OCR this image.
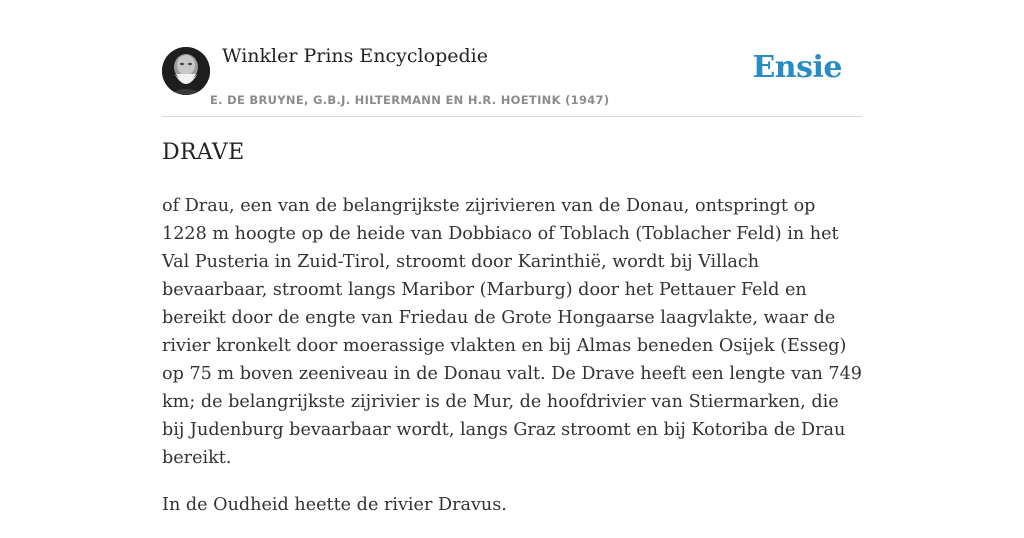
Winkler Prins Encyclopedie
E. DE BRUYNE, G.B.J. HILTERMANN EN H.R. HOETINK (1947)
Ensie
DRAVE

of Drau, een van de belangrijkste zijrivieren van de Donau, ontspringt op 1228 m hoogte op de heide van Dobbiaco of Toblach (Toblacher Feld) in het Val Pusteria in Zuid-Tirol, stroomt door Karinthië, wordt bij Villach bevaarbaar, stroomt langs Maribor (Marburg) door het Pettauer Feld en bereikt door de engte van Friedau de Grote Hongaarse laagvlakte, waar de rivier kronkelt door moerassige vlakten en bij Almas beneden Osijek (Esseg) op 75 m boven zeeniveau in de Donau valt. De Drave heeft een lengte van 749 km; de belangrijkste zijrivier is de Mur, de hoofdrivier van Stiermarken, die bij Judenburg bevaarbaar wordt, langs Graz stroomt en bij Kotoriba de Drau bereikt.

In de Oudheid heette de rivier Dravus.
